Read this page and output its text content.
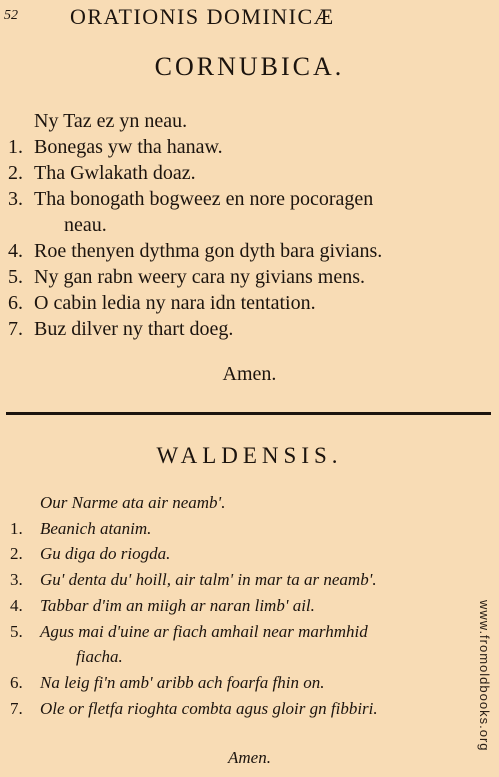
52 ORATIONIS DOMINICÆ
CORNUBICA.
Ny Taz ez yn neau.
1. Bonegas yw tha hanaw.
2. Tha Gwlakath doaz.
3. Tha bonogath bogweez en nore pocoragen
neau.
4. Roe thenyen dythma gon dyth bara givians.
5. Ny gan rabn weery cara ny givians mens.
6. O cabin ledia ny nara idn tentation.
7. Buz dilver ny thart doeg.
Amen.
WALDENSIS.
Our Narme ata air neamb'.
1. Beanich atanim.
2. Gu diga do riogda.
3. Gu' denta du' hoill, air talm' in mar ta ar neamb'.
4. Tabbar d'im an miigh ar naran limb' ail.
5. Agus mai d'uine ar fiach amhail near marhmhid
fiacha.
6. Na leig fi'n amb' aribb ach foarfa fhin on.
7. Ole or fletfa rioghta combta agus gloir gn fibbiri.
Amen.
www.fromoldbooks.org
